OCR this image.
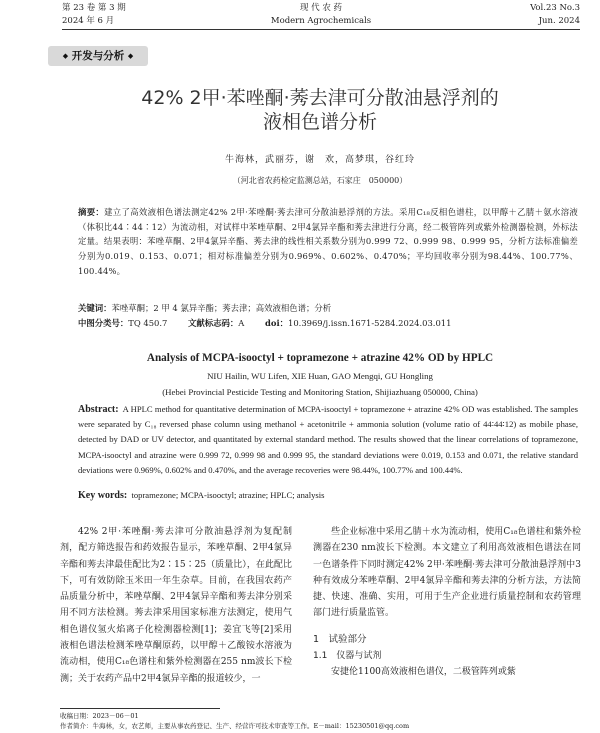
第 23 卷 第 3 期
2024 年 6 月
现 代 农 药
Modern Agrochemicals
Vol.23 No.3
Jun. 2024
◆ 开发与分析 ◆
42% 2甲·苯唑酮·莠去津可分散油悬浮剂的
液相色谱分析
牛海林，武丽芬，谢　欢，高梦琪，谷红玲
（河北省农药检定监测总站，石家庄　050000）
摘要：建立了高效液相色谱法测定42% 2甲·苯唑酮·莠去津可分散油悬浮剂的方法。采用C₁₈反相色谱柱，以甲醇＋乙腈＋氨水溶液（体积比44∶44∶12）为流动相，对试样中苯唑草酮、2甲4氯异辛酯和莠去津进行分离，经二极管阵列或紫外检测器检测，外标法定量。结果表明：苯唑草酮、2甲4氯异辛酯、莠去津的线性相关系数分别为0.999 72、0.999 98、0.999 95，分析方法标准偏差分别为0.019、0.153、0.071；相对标准偏差分别为0.969%、0.602%、0.470%；平均回收率分别为98.44%、100.77%、100.44%。
关键词：苯唑草酮；2 甲 4 氯异辛酯；莠去津；高效液相色谱；分析
中图分类号：TQ 450.7 文献标志码：A doi：10.3969/j.issn.1671-5284.2024.03.011
Analysis of MCPA-isooctyl + topramezone + atrazine 42% OD by HPLC
NIU Hailin, WU Lifen, XIE Huan, GAO Mengqi, GU Hongling
(Hebei Provincial Pesticide Testing and Monitoring Station, Shijiazhuang 050000, China)
Abstract: A HPLC method for quantitative determination of MCPA-isooctyl + topramezone + atrazine 42% OD was established. The samples were separated by C₁₈ reversed phase column using methanol + acetonitrile + ammonia solution (volume ratio of 44∶44∶12) as mobile phase, detected by DAD or UV detector, and quantitated by external standard method. The results showed that the linear correlations of topramezone, MCPA-isooctyl and atrazine were 0.999 72, 0.999 98 and 0.999 95, the standard deviations were 0.019, 0.153 and 0.071, the relative standard deviations were 0.969%, 0.602% and 0.470%, and the average recoveries were 98.44%, 100.77% and 100.44%.
Key words: topramezone; MCPA-isooctyl; atrazine; HPLC; analysis

42% 2甲·苯唑酮·莠去津可分散油悬浮剂为复配制剂，配方筛选报告和药效报告显示，苯唑草酮、2甲4氯异辛酯和莠去津最佳配比为2∶15∶25（质量比），在此配比下，可有效防除玉米田一年生杂草。目前，在我国农药产品质量分析中，苯唑草酮、2甲4氯异辛酯和莠去津分别采用不同方法检测。莠去津采用国家标准方法测定，使用气相色谱仪氢火焰离子化检测器检测[1]；姜宜飞等[2]采用液相色谱法检测苯唑草酮原药，以甲醇＋乙酸铵水溶液为流动相，使用C₁₈色谱柱和紫外检测器在255 nm波长下检测；关于农药产品中2甲4氯异辛酯的报道较少，一

些企业标准中采用乙腈＋水为流动相，使用C₁₈色谱柱和紫外检测器在230 nm波长下检测。本文建立了利用高效液相色谱法在同一色谱条件下同时测定42% 2甲·苯唑酮·莠去津可分散油悬浮剂中3种有效成分苯唑草酮、2甲4氯异辛酯和莠去津的分析方法，方法简捷、快速、准确、实用，可用于生产企业进行质量控制和农药管理部门进行质量监管。

1　试验部分

1.1　仪器与试剂

安捷伦1100高效液相色谱仪，二极管阵列或紫

收稿日期：2023－06－01
作者简介：牛海林，女，农艺师，主要从事农药登记、生产、经营许可技术审查等工作。E－mail：15230501@qq.com
